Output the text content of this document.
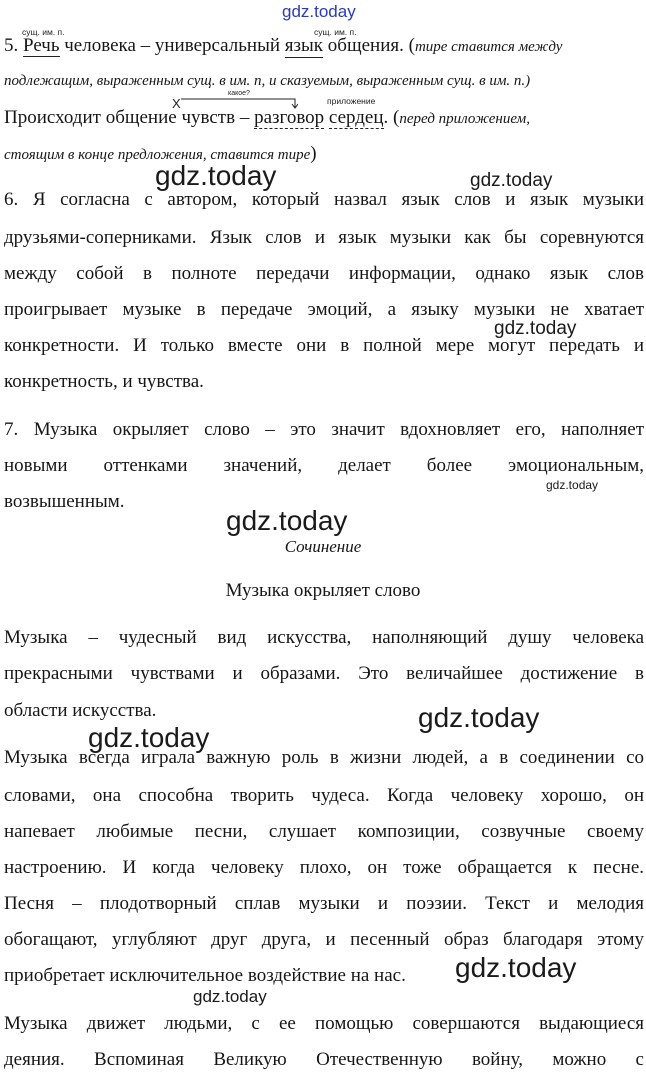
gdz.today
gdz.today	gdz.today
gdz.today
gdz.today
gdz.today
gdz.today
gdz.today
gdz.today
gdz.today
сущ. им. п.	сущ. им. п.
X
какое?
приложение
5. Речь человека – универсальный язык общения. (тире ставится между
подлежащим, выраженным сущ. в им. п, и сказуемым, выраженным сущ. в им. п.)
Происходит общение чувств – разговор сердец. (перед приложением,
стоящим в конце предложения, ставится тире)
6. Я согласна с автором, который назвал язык слов и язык музыки
друзьями-соперниками. Язык слов и язык музыки как бы соревнуются
между собой в полноте передачи информации, однако язык слов
проигрывает музыке в передаче эмоций, а языку музыки не хватает
конкретности. И только вместе они в полной мере могут передать и
конкретность, и чувства.
7. Музыка окрыляет слово – это значит вдохновляет его, наполняет
новыми оттенками значений, делает более эмоциональным,
возвышенным.
Сочинение
Музыка окрыляет слово
Музыка – чудесный вид искусства, наполняющий душу человека
прекрасными чувствами и образами. Это величайшее достижение в
области искусства.
Музыка всегда играла важную роль в жизни людей, а в соединении со
словами, она способна творить чудеса. Когда человеку хорошо, он
напевает любимые песни, слушает композиции, созвучные своему
настроению. И когда человеку плохо, он тоже обращается к песне.
Песня – плодотворный сплав музыки и поэзии. Текст и мелодия
обогащают, углубляют друг друга, и песенный образ благодаря этому
приобретает исключительное воздействие на нас.
Музыка движет людьми, с ее помощью совершаются выдающиеся
деяния. Вспоминая Великую Отечественную войну, можно с
